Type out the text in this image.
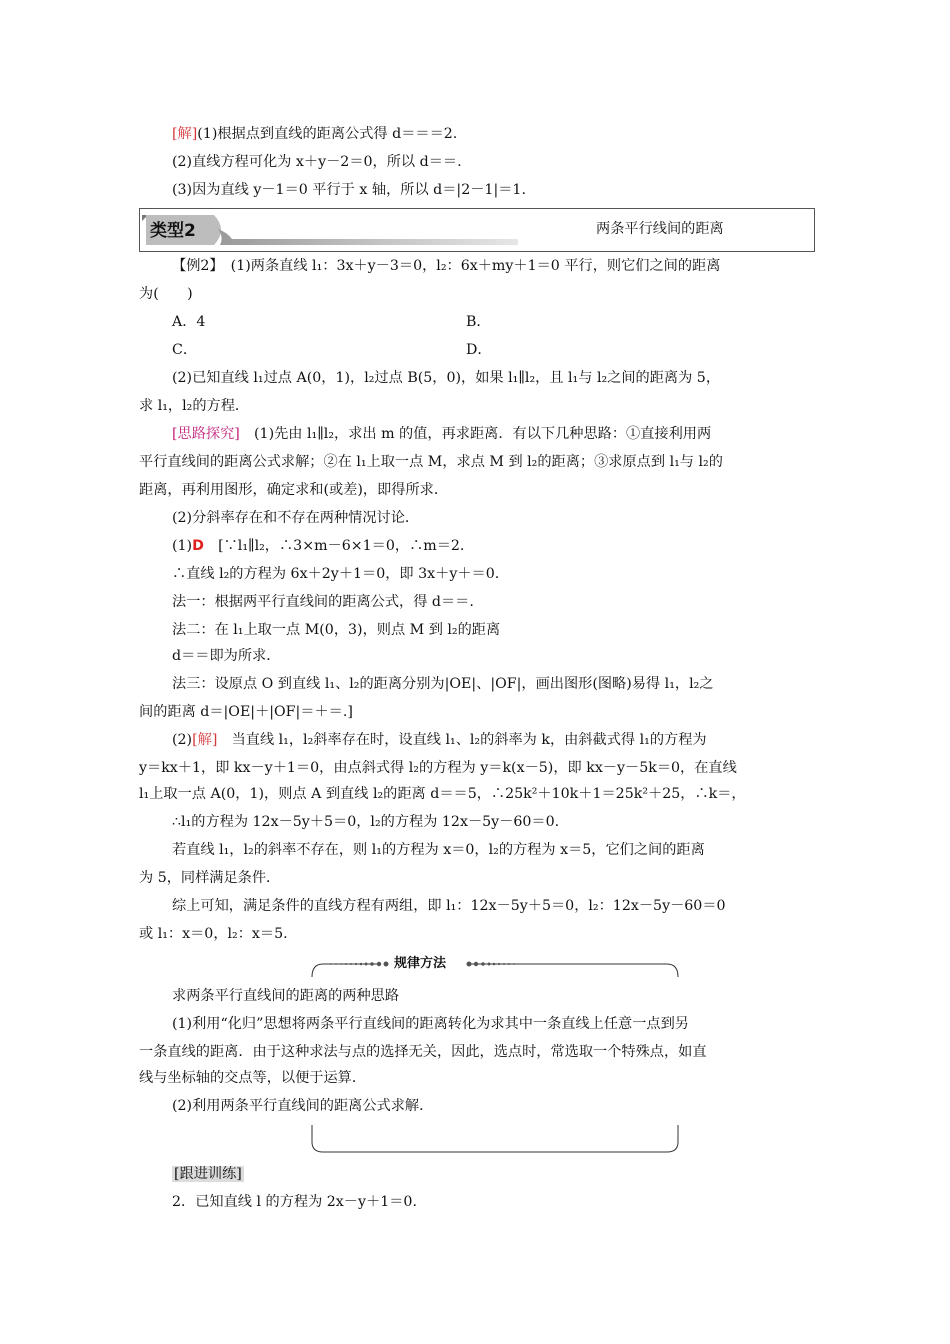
[解](1)根据点到直线的距离公式得 d＝＝＝2.
(2)直线方程可化为 x＋y－2＝0，所以 d＝＝.
(3)因为直线 y－1＝0 平行于 x 轴，所以 d＝|2－1|＝1.
类型2	两条平行线间的距离
【例2】　(1)两条直线 l₁：3x＋y－3＝0，l₂：6x＋my＋1＝0 平行，则它们之间的距离
为(　　)
A．4	B．
C．	D．
(2)已知直线 l₁过点 A(0，1)，l₂过点 B(5，0)，如果 l₁∥l₂，且 l₁与 l₂之间的距离为 5，
求 l₁，l₂的方程．
[思路探究]　(1)先由 l₁∥l₂，求出 m 的值，再求距离．有以下几种思路：①直接利用两
平行直线间的距离公式求解；②在 l₁上取一点 M，求点 M 到 l₂的距离；③求原点到 l₁与 l₂的
距离，再利用图形，确定求和(或差)，即得所求．
(2)分斜率存在和不存在两种情况讨论．
(1)D　[∵l₁∥l₂，∴3×m－6×1＝0，∴m＝2.
∴直线 l₂的方程为 6x＋2y＋1＝0，即 3x＋y＋＝0.
法一：根据两平行直线间的距离公式，得 d＝＝.
法二：在 l₁上取一点 M(0，3)，则点 M 到 l₂的距离
d＝＝即为所求．
法三：设原点 O 到直线 l₁、l₂的距离分别为|OE|、|OF|，画出图形(图略)易得 l₁，l₂之
间的距离 d＝|OE|＋|OF|＝＋＝.]
(2)[解]　当直线 l₁，l₂斜率存在时，设直线 l₁、l₂的斜率为 k，由斜截式得 l₁的方程为
y＝kx＋1，即 kx－y＋1＝0，由点斜式得 l₂的方程为 y＝k(x－5)，即 kx－y－5k＝0，在直线
l₁上取一点 A(0，1)，则点 A 到直线 l₂的距离 d＝＝5，∴25k²＋10k＋1＝25k²＋25，∴k＝，
∴l₁的方程为 12x－5y＋5＝0，l₂的方程为 12x－5y－60＝0.
若直线 l₁，l₂的斜率不存在，则 l₁的方程为 x＝0，l₂的方程为 x＝5，它们之间的距离
为 5，同样满足条件．
综上可知，满足条件的直线方程有两组，即 l₁：12x－5y＋5＝0，l₂：12x－5y－60＝0
或 l₁：x＝0，l₂：x＝5.
规律方法
求两条平行直线间的距离的两种思路
(1)利用“化归”思想将两条平行直线间的距离转化为求其中一条直线上任意一点到另
一条直线的距离．由于这种求法与点的选择无关，因此，选点时，常选取一个特殊点，如直
线与坐标轴的交点等，以便于运算．
(2)利用两条平行直线间的距离公式求解．
[跟进训练]
2．已知直线 l 的方程为 2x－y＋1＝0.
